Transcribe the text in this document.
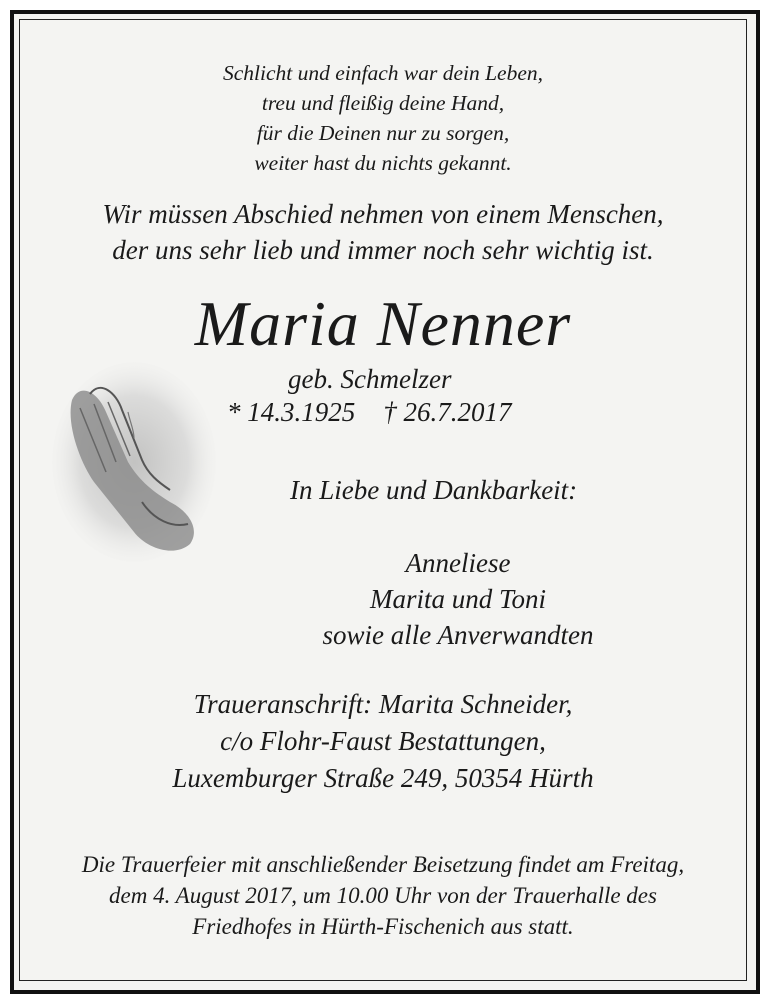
Schlicht und einfach war dein Leben,
treu und fleißig deine Hand,
für die Deinen nur zu sorgen,
weiter hast du nichts gekannt.
Wir müssen Abschied nehmen von einem Menschen,
der uns sehr lieb und immer noch sehr wichtig ist.
Maria Nenner
geb. Schmelzer
* 14.3.1925 † 26.7.2017
In Liebe und Dankbarkeit:
Anneliese
Marita und Toni
sowie alle Anverwandten
Traueranschrift: Marita Schneider,
c/o Flohr-Faust Bestattungen,
Luxemburger Straße 249, 50354 Hürth
Die Trauerfeier mit anschließender Beisetzung findet am Freitag,
dem 4. August 2017, um 10.00 Uhr von der Trauerhalle des
Friedhofes in Hürth-Fischenich aus statt.
